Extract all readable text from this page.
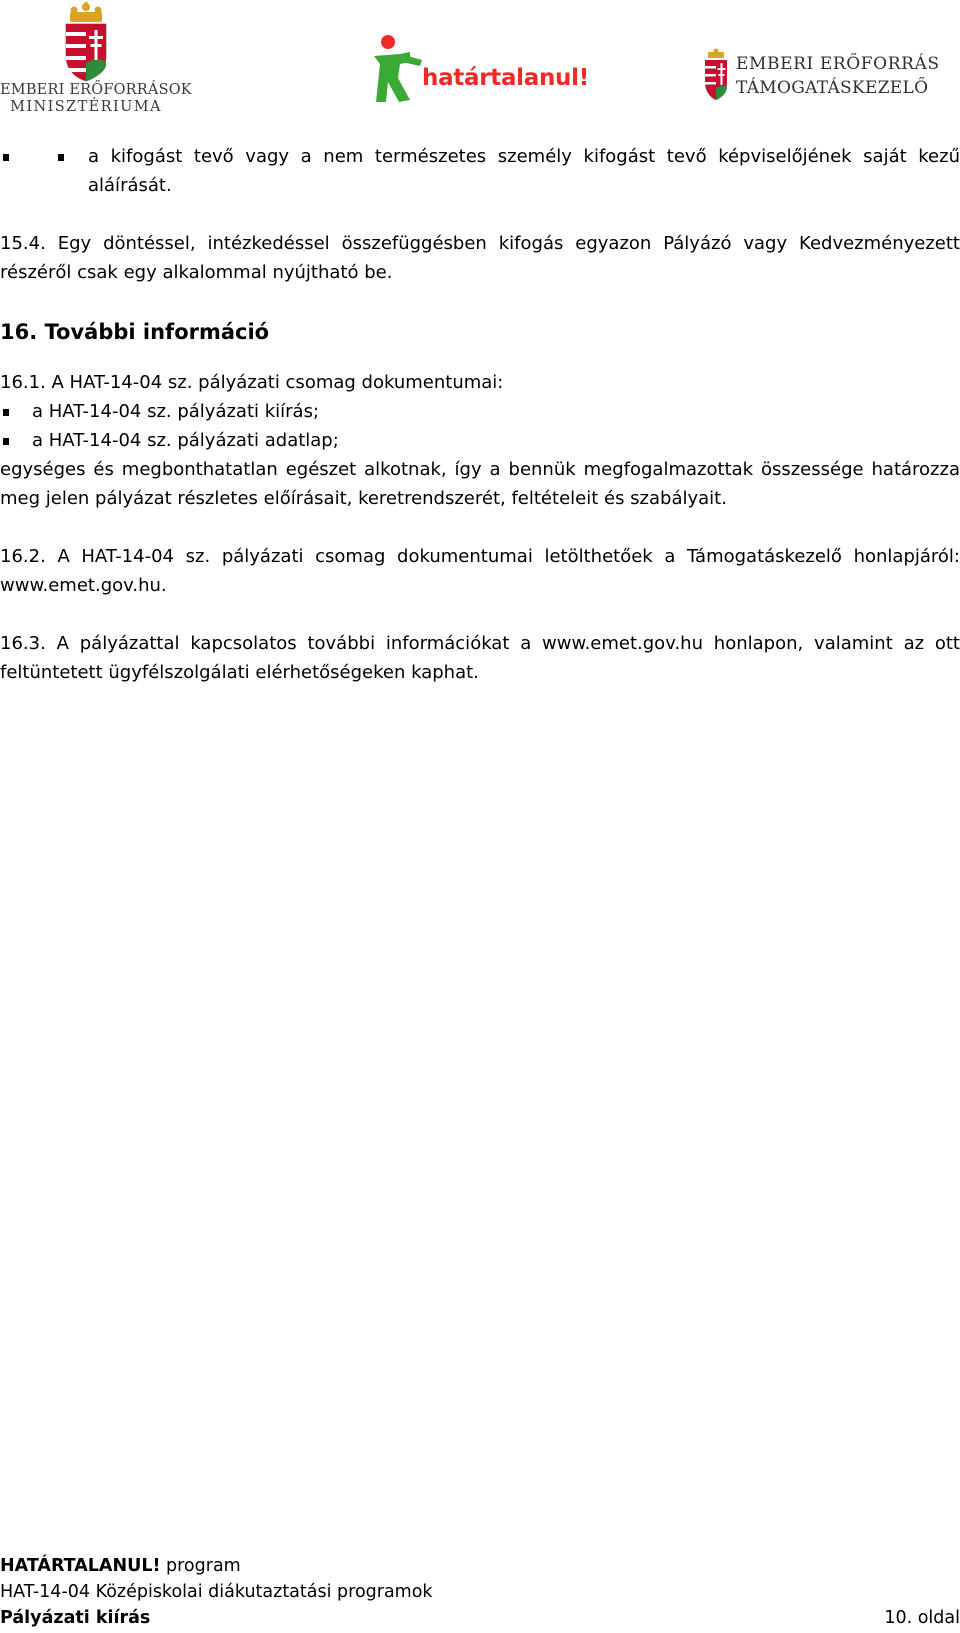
EMBERI ERŐFORRÁSOK
MINISZTÉRIUMA
határtalanul!
EMBERI ERŐFORRÁS
TÁMOGATÁSKEZELŐ
a kifogást tevő vagy a nem természetes személy kifogást tevő képviselőjének saját kezű aláírását.
15.4. Egy döntéssel, intézkedéssel összefüggésben kifogás egyazon Pályázó vagy Kedvezményezett részéről csak egy alkalommal nyújtható be.
16. További információ
16.1. A HAT-14-04 sz. pályázati csomag dokumentumai:
a HAT-14-04 sz. pályázati kiírás;
a HAT-14-04 sz. pályázati adatlap;
egységes és megbonthatatlan egészet alkotnak, így a bennük megfogalmazottak összessége határozza meg jelen pályázat részletes előírásait, keretrendszerét, feltételeit és szabályait.
16.2. A HAT-14-04 sz. pályázati csomag dokumentumai letölthetőek a Támogatáskezelő honlapjáról: www.emet.gov.hu.
16.3. A pályázattal kapcsolatos további információkat a www.emet.gov.hu honlapon, valamint az ott feltüntetett ügyfélszolgálati elérhetőségeken kaphat.
HATÁRTALANUL! program
HAT-14-04 Középiskolai diákutaztatási programok
Pályázati kiírás	10. oldal
